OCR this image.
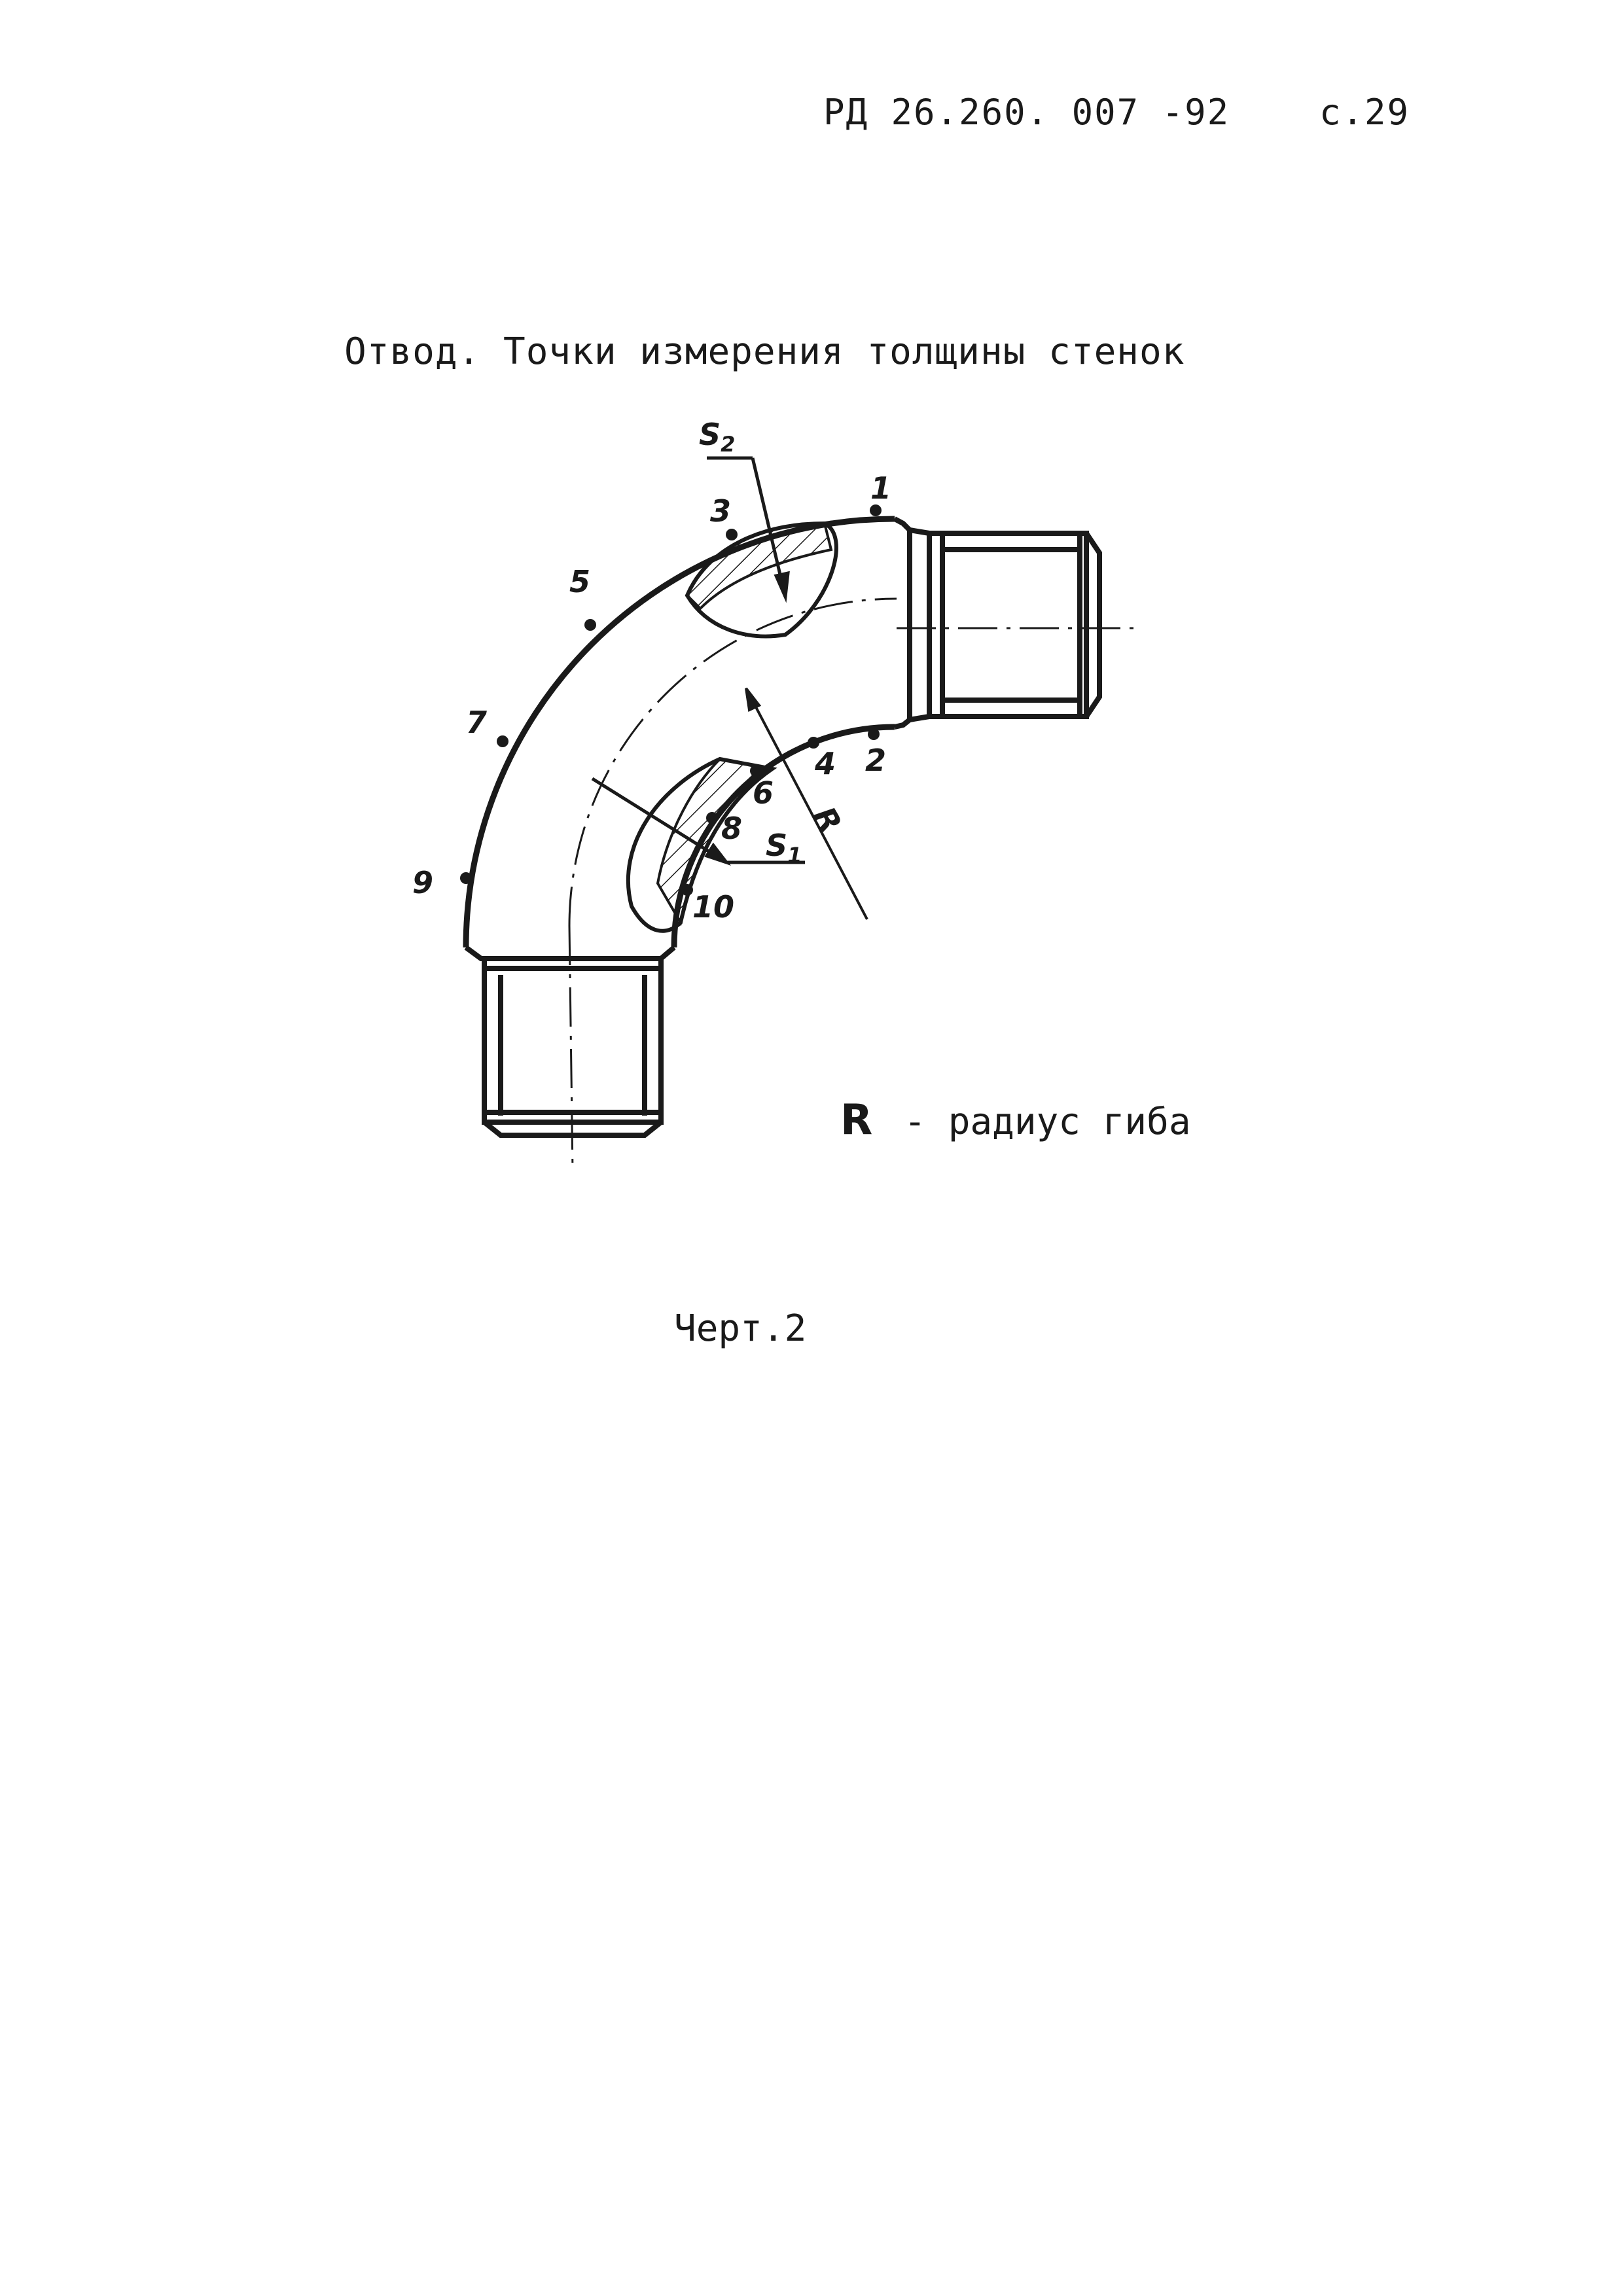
РД 26.260. 007 -92	с.29
Отвод. Точки измерения толщины стенок
$S_2$
$S_1$
R
1
2
3
4
5
6
7
8
9
10
R - радиус гиба
Черт.2
